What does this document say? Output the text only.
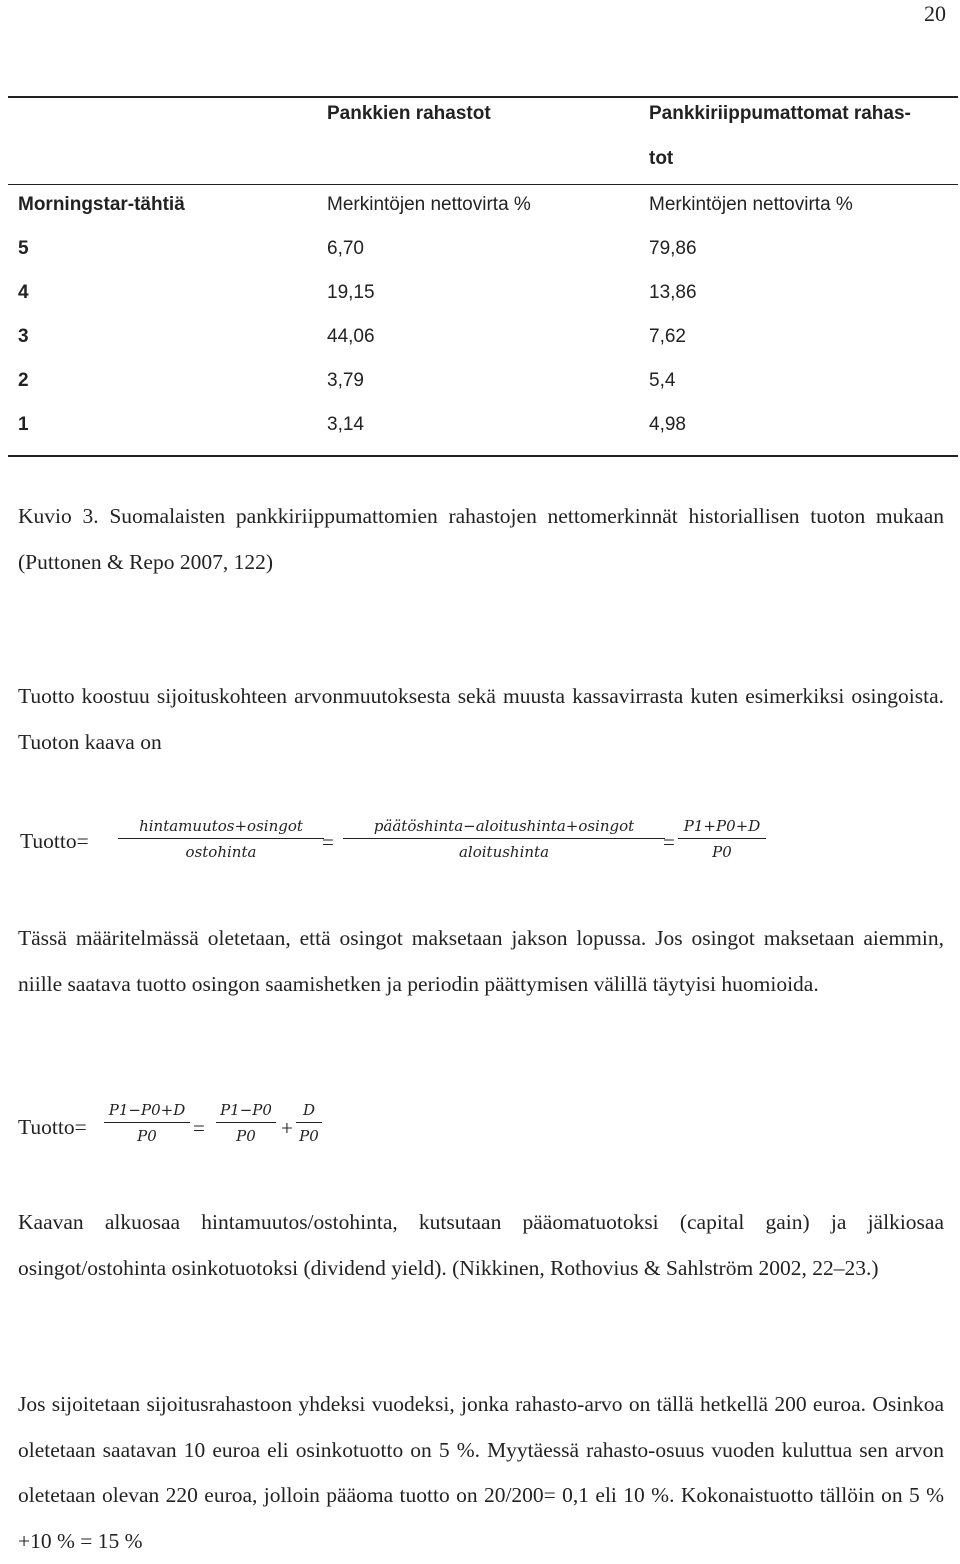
20
Pankkien rahastot	Pankkiriippumattomat rahas-
tot
Morningstar-tähtiä	Merkintöjen nettovirta %	Merkintöjen nettovirta %
5	6,70	79,86
4	19,15	13,86
3	44,06	7,62
2	3,79	5,4
1	3,14	4,98
Kuvio 3. Suomalaisten pankkiriippumattomien rahastojen nettomerkinnät historiallisen tuoton mukaan (Puttonen & Repo 2007, 122)
Tuotto koostuu sijoituskohteen arvonmuutoksesta sekä muusta kassavirrasta kuten esimerkiksi osingoista. Tuoton kaava on
Tuotto=
hintamuutos+osingot
ostohinta	=
päätöshinta−aloitushinta+osingot
aloitushinta	=
P1+P0+D
P0
Tässä määritelmässä oletetaan, että osingot maksetaan jakson lopussa. Jos osingot maksetaan aiemmin, niille saatava tuotto osingon saamishetken ja periodin päättymisen välillä täytyisi huomioida.
Tuotto=
P1−P0+D
P0 =
P1−P0
P0 +
D
P0
Kaavan alkuosaa hintamuutos/ostohinta, kutsutaan pääomatuotoksi (capital gain) ja jälkiosaa osingot/ostohinta osinkotuotoksi (dividend yield). (Nikkinen, Rothovius & Sahlström 2002, 22–23.)
Jos sijoitetaan sijoitusrahastoon yhdeksi vuodeksi, jonka rahasto-arvo on tällä hetkellä 200 euroa. Osinkoa oletetaan saatavan 10 euroa eli osinkotuotto on 5 %. Myytäessä rahasto-osuus vuoden kuluttua sen arvon oletetaan olevan 220 euroa, jolloin pääoma tuotto on 20/200= 0,1 eli 10 %. Kokonaistuotto tällöin on 5 % +10 % = 15 %
